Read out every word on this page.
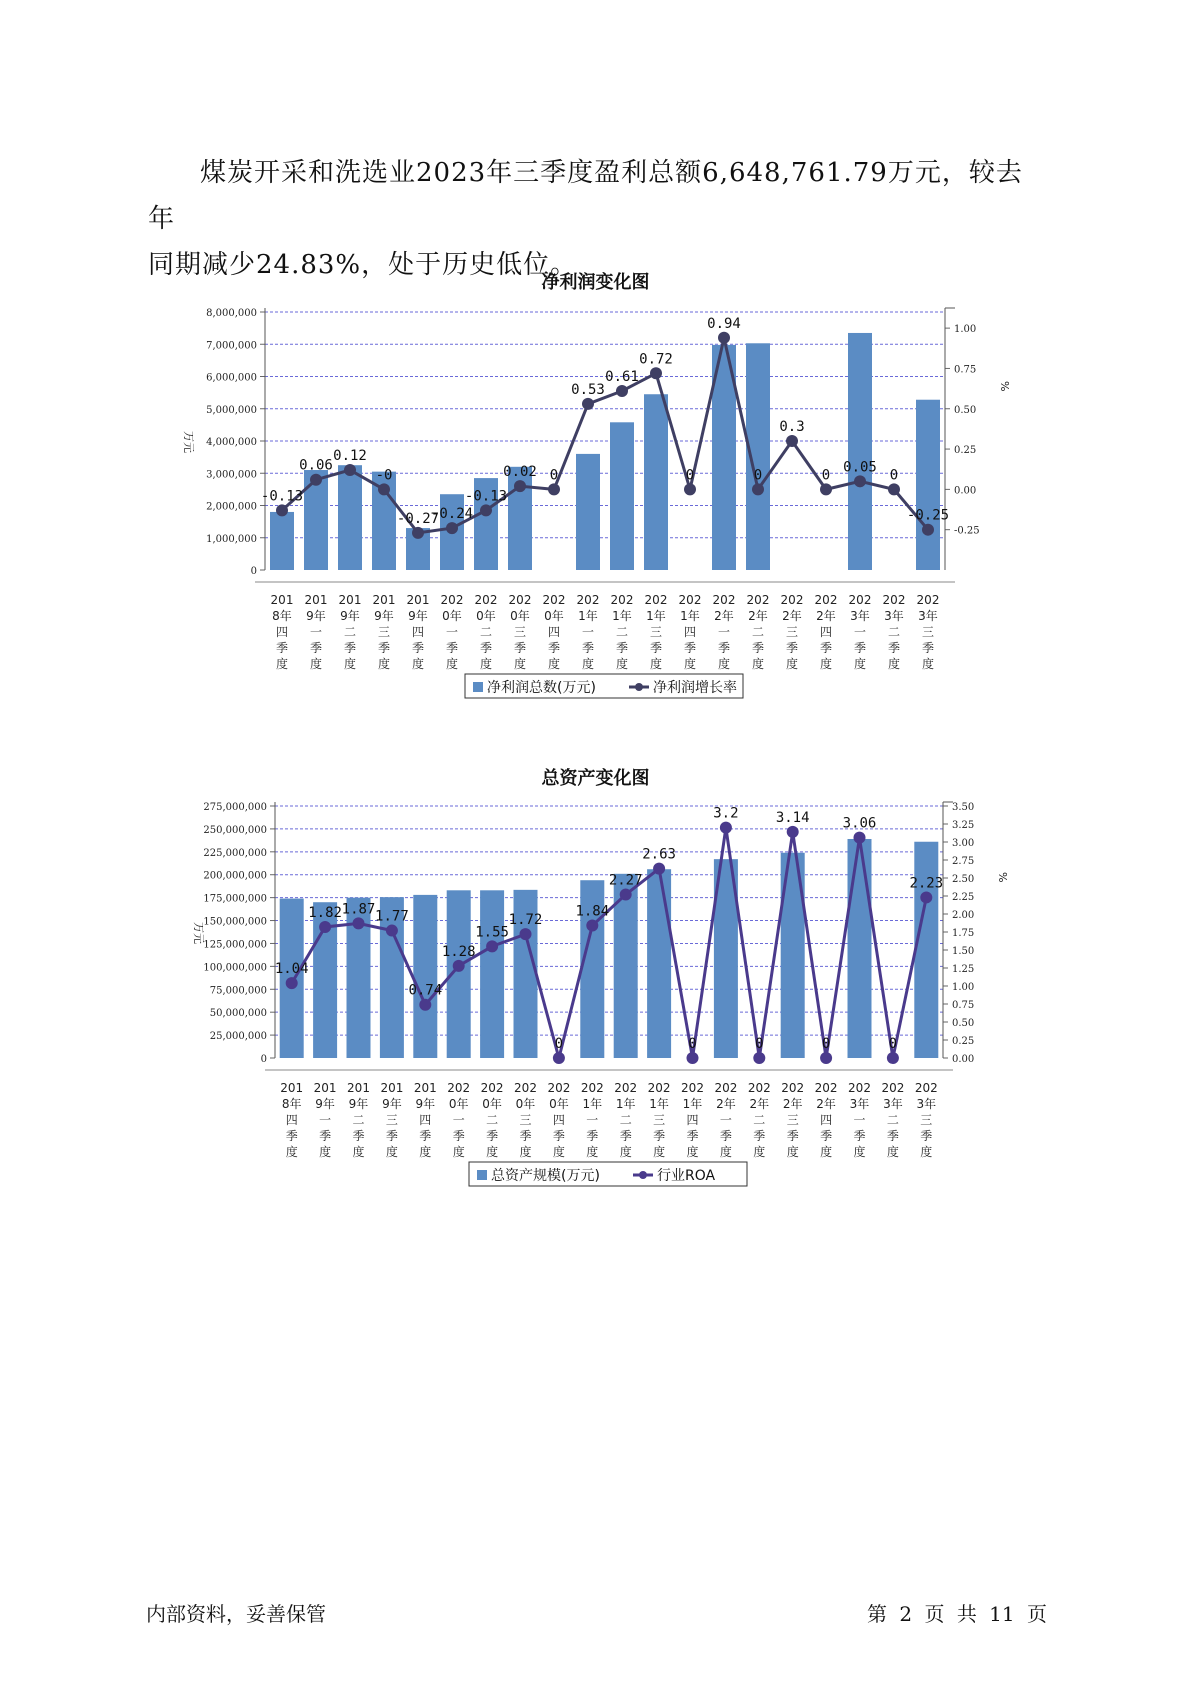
煤炭开采和洗选业2023年三季度盈利总额6,648,761.79万元，较去年

同期减少24.83%，处于历史低位。
净利润变化图
8,000,000
7,000,000
6,000,000
5,000,000
4,000,000
3,000,000
2,000,000
1,000,000
0
1.00
0.75
0.50
0.25
0.00
-0.25
万元
%
201
8年
四
季
度
201
9年
一
季
度
201
9年
二
季
度
201
9年
三
季
度
201
9年
四
季
度
202
0年
一
季
度
202
0年
二
季
度
202
0年
三
季
度
202
0年
四
季
度
202
1年
一
季
度
202
1年
二
季
度
202
1年
三
季
度
202
1年
四
季
度
202
2年
一
季
度
202
2年
二
季
度
202
2年
三
季
度
202
2年
四
季
度
202
3年
一
季
度
202
3年
二
季
度
202
3年
三
季
度
-0.13
0.06
0.12
-0
-0.27
-0.24
-0.13
0.02 0
0.53
0.61
0.72
0
0.94
0
0.3
0
0.05
0
-0.25
净利润总数(万元)	净利润增长率
总资产变化图
275,000,000
250,000,000
225,000,000
200,000,000
175,000,000
150,000,000
125,000,000
100,000,000
75,000,000
50,000,000
25,000,000
0
3.50
3.25
3.00
2.75
2.50
2.25
2.00
1.75
1.50
1.25
1.00
0.75
0.50
0.25
0.00
万元
%
201
8年
四
季
度
201
9年
一
季
度
201
9年
二
季
度
201
9年
三
季
度
201
9年
四
季
度
202
0年
一
季
度
202
0年
二
季
度
202
0年
三
季
度
202
0年
四
季
度
202
1年
一
季
度
202
1年
二
季
度
202
1年
三
季
度
202
1年
四
季
度
202
2年
一
季
度
202
2年
二
季
度
202
2年
三
季
度
202
2年
四
季
度
202
3年
一
季
度
202
3年
二
季
度
202
3年
三
季
度
1.04
1.82 1.87 1.77
0.74
1.28
1.55
1.72
0
1.84
2.27
2.63
0
3.2
0
3.14
0
3.06
0
2.23
总资产规模(万元)	行业ROA
内部资料，妥善保管	第 2 页 共 11 页
